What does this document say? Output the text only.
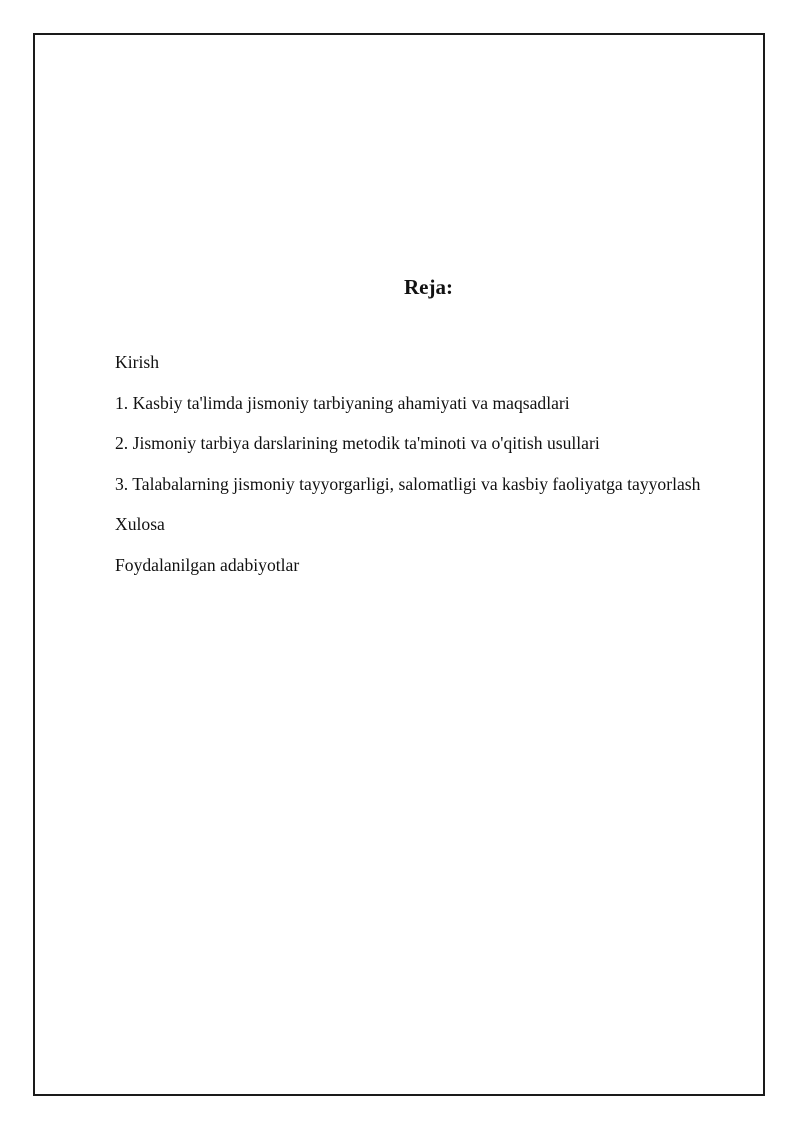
Reja:
Kirish
1. Kasbiy ta'limda jismoniy tarbiyaning ahamiyati va maqsadlari
2. Jismoniy tarbiya darslarining metodik ta'minoti va o'qitish usullari
3. Talabalarning jismoniy tayyorgarligi, salomatligi va kasbiy faoliyatga tayyorlash
Xulosa
Foydalanilgan adabiyotlar
